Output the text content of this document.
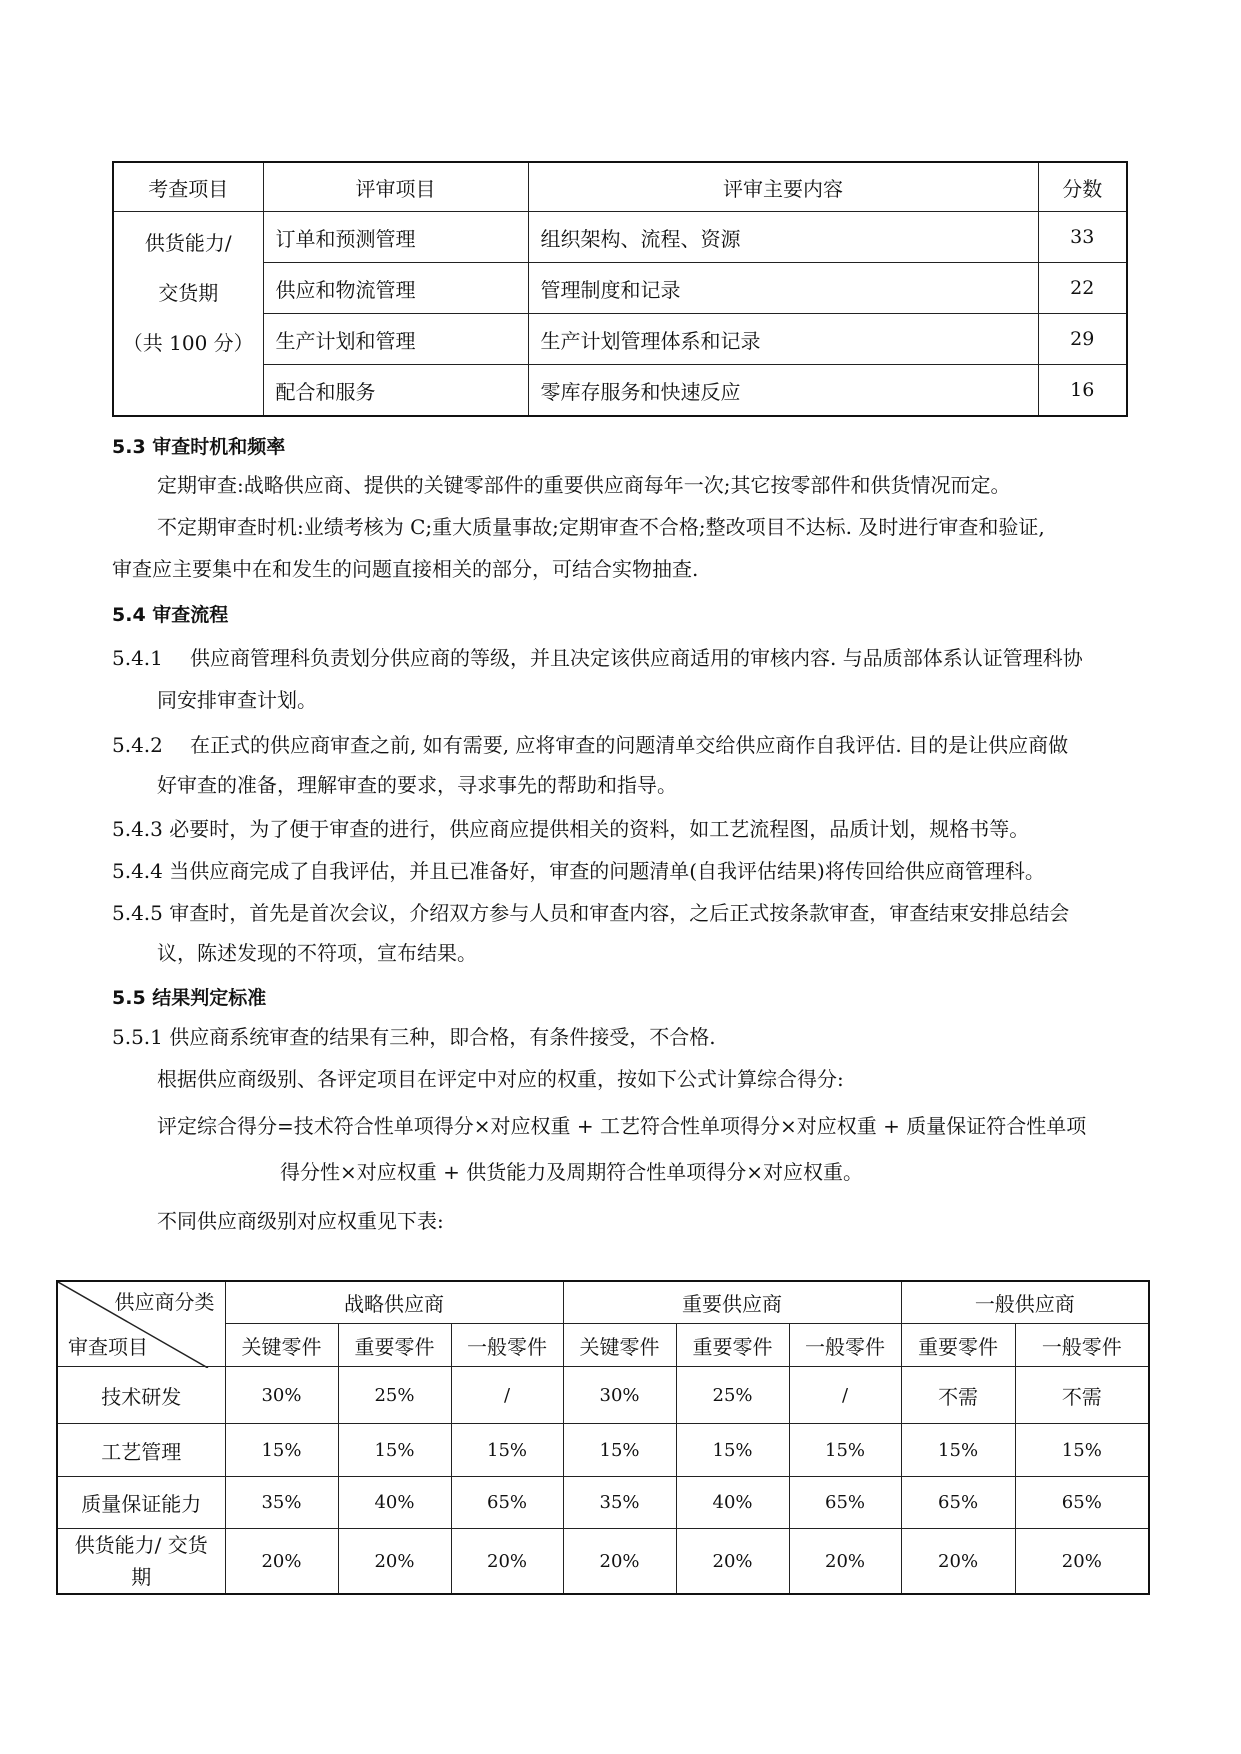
考查项目	评审项目	评审主要内容	分数

供货能力/
交货期
（共 100 分）	订单和预测管理	组织架构、流程、资源	33
	供应和物流管理	管理制度和记录	22
	生产计划和管理	生产计划管理体系和记录	29
	配合和服务	零库存服务和快速反应	16
5.3 审查时机和频率
定期审查:战略供应商、提供的关键零部件的重要供应商每年一次;其它按零部件和供货情况而定。
不定期审查时机:业绩考核为 C;重大质量事故;定期审查不合格;整改项目不达标. 及时进行审查和验证,
审查应主要集中在和发生的问题直接相关的部分，可结合实物抽查.
5.4 审查流程
5.4.1 供应商管理科负责划分供应商的等级，并且决定该供应商适用的审核内容. 与品质部体系认证管理科协
同安排审查计划。
5.4.2 在正式的供应商审查之前, 如有需要, 应将审查的问题清单交给供应商作自我评估. 目的是让供应商做
好审查的准备，理解审查的要求，寻求事先的帮助和指导。
5.4.3 必要时，为了便于审查的进行，供应商应提供相关的资料，如工艺流程图，品质计划，规格书等。
5.4.4 当供应商完成了自我评估，并且已准备好，审查的问题清单(自我评估结果)将传回给供应商管理科。
5.4.5 审查时，首先是首次会议，介绍双方参与人员和审查内容，之后正式按条款审查，审查结束安排总结会
议，陈述发现的不符项，宣布结果。
5.5 结果判定标准
5.5.1 供应商系统审查的结果有三种，即合格，有条件接受，不合格.
根据供应商级别、各评定项目在评定中对应的权重，按如下公式计算综合得分:
评定综合得分=技术符合性单项得分×对应权重 + 工艺符合性单项得分×对应权重 + 质量保证符合性单项
得分性×对应权重 + 供货能力及周期符合性单项得分×对应权重。
不同供应商级别对应权重见下表:
供应商分类
审查项目	战略供应商			重要供应商			一般供应商	
	关键零件	重要零件	一般零件	关键零件	重要零件	一般零件	重要零件	一般零件
技术研发	30%	25%	/	30%	25%	/	不需	不需
工艺管理	15%	15%	15%	15%	15%	15%	15%	15%
质量保证能力	35%	40%	65%	35%	40%	65%	65%	65%

供货能力/ 交货
期	20%	20%	20%	20%	20%	20%	20%	20%
